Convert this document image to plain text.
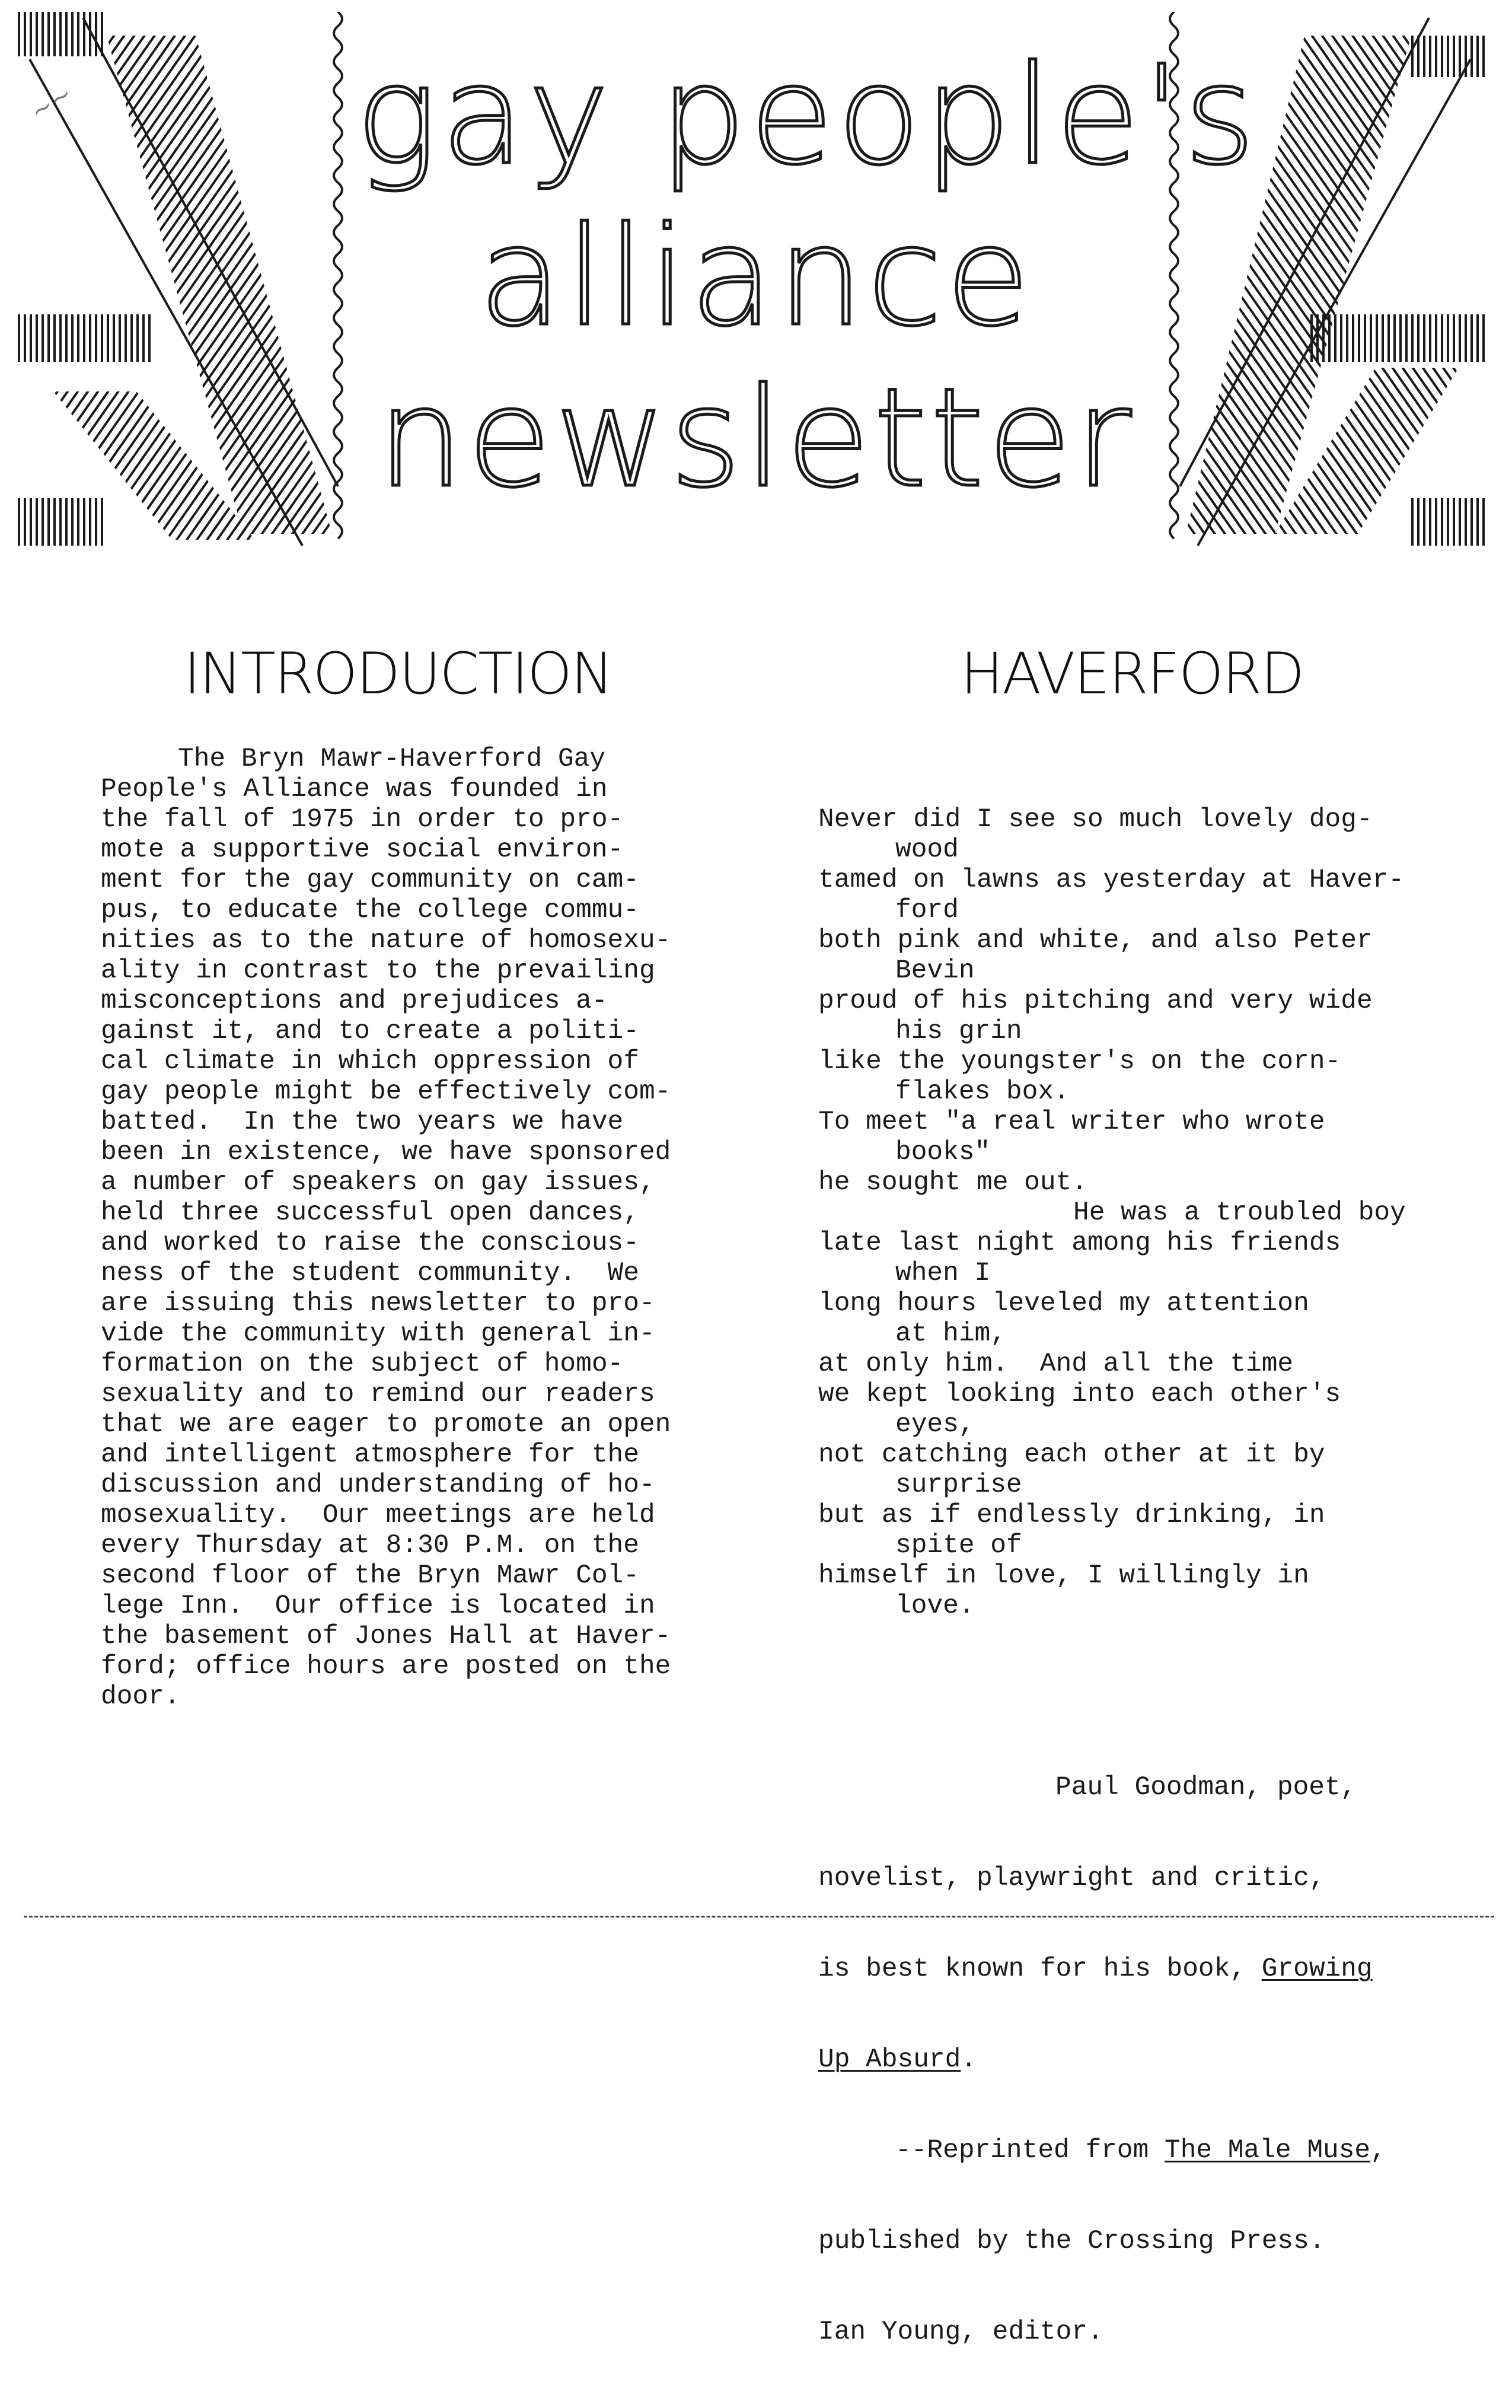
~~ gay people's
alliance
newsletter
INTRODUCTION
The Bryn Mawr-Haverford Gay
People's Alliance was founded in
the fall of 1975 in order to pro-
mote a supportive social environ-
ment for the gay community on cam-
pus, to educate the college commu-
nities as to the nature of homosexu-
ality in contrast to the prevailing
misconceptions and prejudices a-
gainst it, and to create a politi-
cal climate in which oppression of
gay people might be effectively com-
batted.  In the two years we have
been in existence, we have sponsored
a number of speakers on gay issues,
held three successful open dances,
and worked to raise the conscious-
ness of the student community.  We
are issuing this newsletter to pro-
vide the community with general in-
formation on the subject of homo-
sexuality and to remind our readers
that we are eager to promote an open
and intelligent atmosphere for the
discussion and understanding of ho-
mosexuality.  Our meetings are held
every Thursday at 8:30 P.M. on the
second floor of the Bryn Mawr Col-
lege Inn.  Our office is located in
the basement of Jones Hall at Haver-
ford; office hours are posted on the
door.
HAVERFORD

Never did I see so much lovely dog-
wood
tamed on lawns as yesterday at Haver-
ford
both pink and white, and also Peter
Bevin
proud of his pitching and very wide
his grin
like the youngster's on the corn-
flakes box.
To meet "a real writer who wrote
books"
he sought me out.
He was a troubled boy
late last night among his friends
when I
long hours leveled my attention
at him,
at only him.  And all the time
we kept looking into each other's
eyes,
not catching each other at it by
surprise
but as if endlessly drinking, in
spite of
himself in love, I willingly in
love.

Paul Goodman, poet,

novelist, playwright and critic,

is best known for his book, Growing

Up Absurd.

--Reprinted from The Male Muse,

published by the Crossing Press.

Ian Young, editor.
